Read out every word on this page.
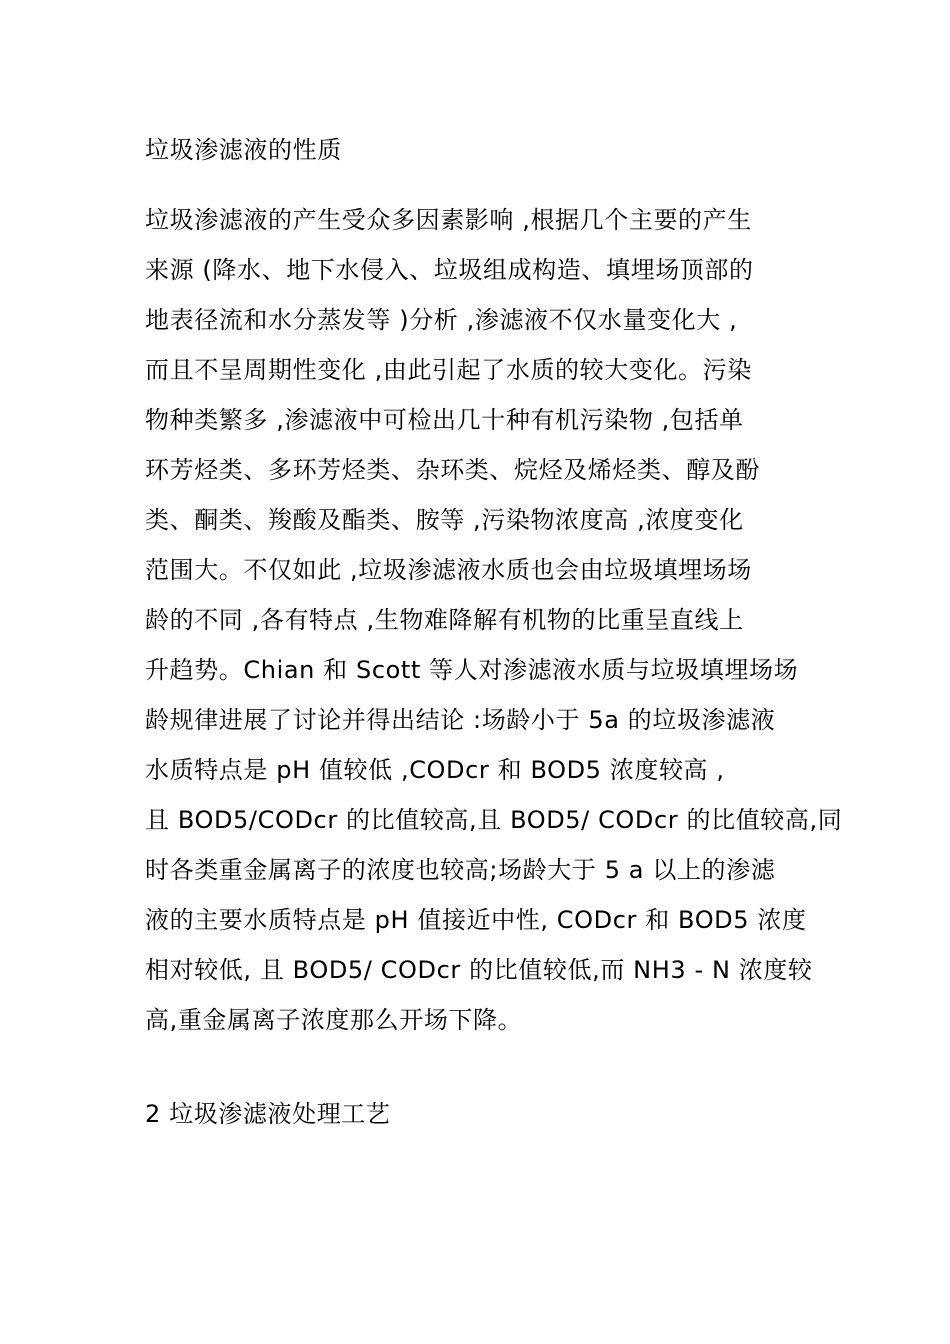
垃圾渗滤液的性质
垃圾渗滤液的产生受众多因素影响 ,根据几个主要的产生
来源 (降水、地下水侵入、垃圾组成构造、填埋场顶部的
地表径流和水分蒸发等 )分析 ,渗滤液不仅水量变化大 ,
而且不呈周期性变化 ,由此引起了水质的较大变化。污染
物种类繁多 ,渗滤液中可检出几十种有机污染物 ,包括单
环芳烃类、多环芳烃类、杂环类、烷烃及烯烃类、醇及酚
类、酮类、羧酸及酯类、胺等 ,污染物浓度高 ,浓度变化
范围大。不仅如此 ,垃圾渗滤液水质也会由垃圾填埋场场
龄的不同 ,各有特点 ,生物难降解有机物的比重呈直线上
升趋势。Chian 和 Scott 等人对渗滤液水质与垃圾填埋场场
龄规律进展了讨论并得出结论 :场龄小于 5a 的垃圾渗滤液
水质特点是 pH 值较低 ,CODcr 和 BOD5 浓度较高 ,
且 BOD5/CODcr 的比值较高,且 BOD5/ CODcr 的比值较高,同
时各类重金属离子的浓度也较高;场龄大于 5 a 以上的渗滤
液的主要水质特点是 pH 值接近中性, CODcr 和 BOD5 浓度
相对较低, 且 BOD5/ CODcr 的比值较低,而 NH3 - N 浓度较
高,重金属离子浓度那么开场下降。
2 垃圾渗滤液处理工艺
